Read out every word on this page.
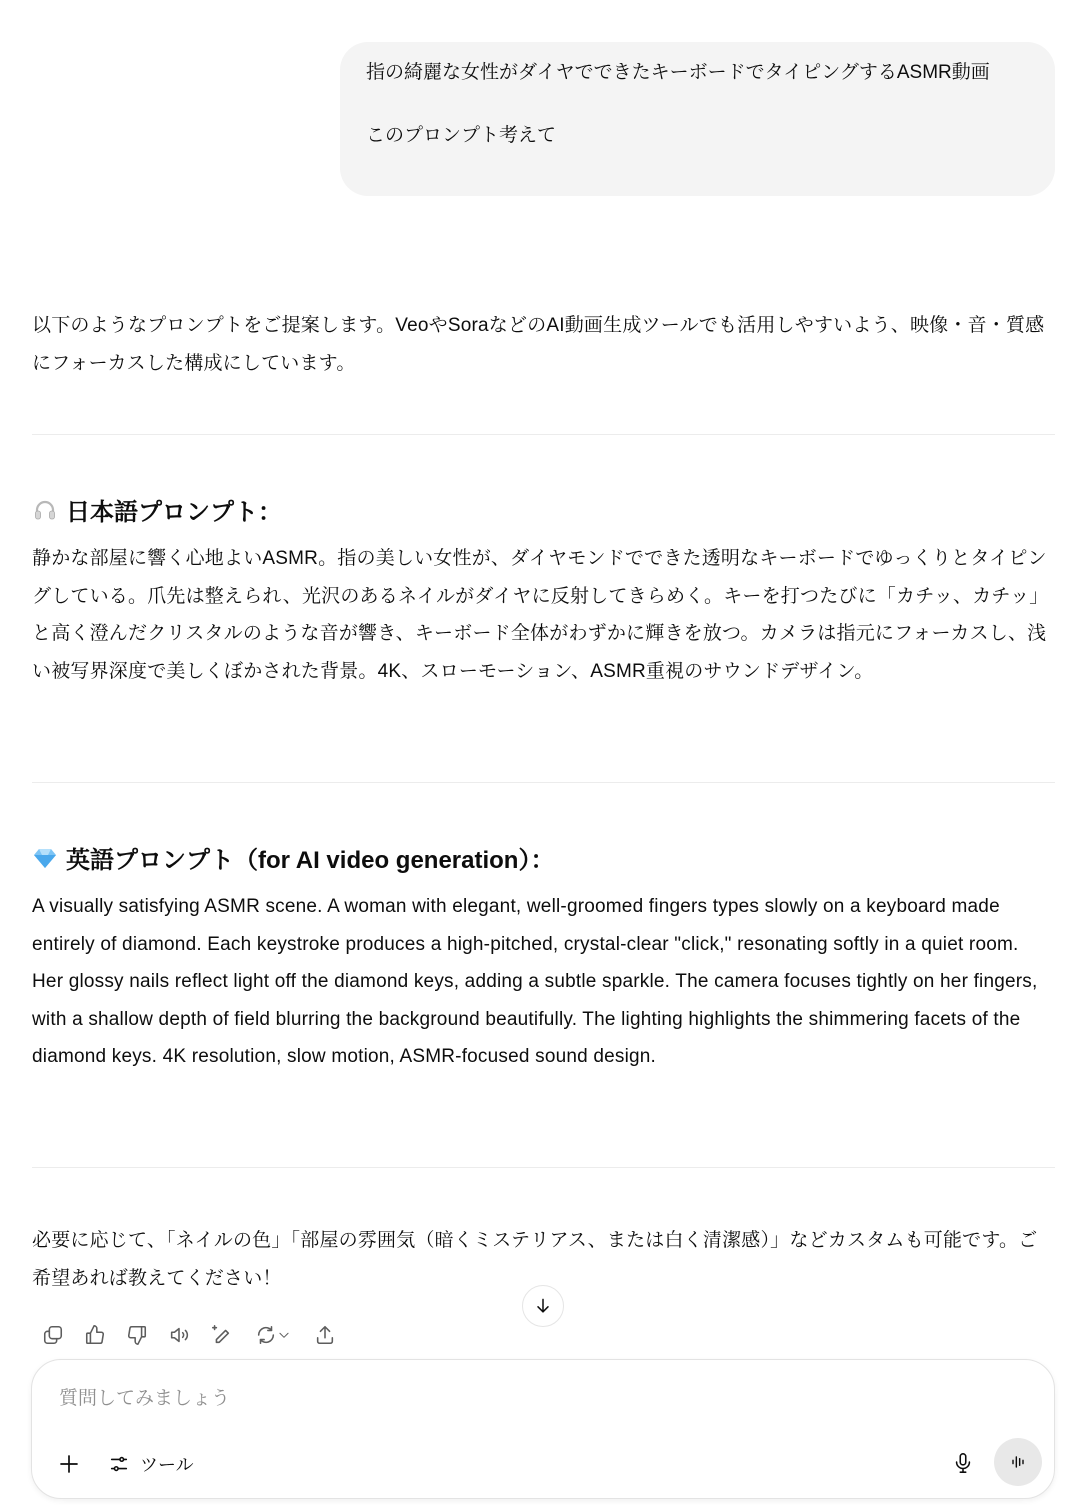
指の綺麗な女性がダイヤでできたキーボードでタイピングするASMR動画

このプロンプト考えて

以下のようなプロンプトをご提案します。VeoやSoraなどのAI動画生成ツールでも活用しやすいよう、映像・音・質感にフォーカスした構成にしています。

日本語プロンプト：

静かな部屋に響く心地よいASMR。指の美しい女性が、ダイヤモンドでできた透明なキーボードでゆっくりとタイピングしている。爪先は整えられ、光沢のあるネイルがダイヤに反射してきらめく。キーを打つたびに「カチッ、カチッ」と高く澄んだクリスタルのような音が響き、キーボード全体がわずかに輝きを放つ。カメラは指元にフォーカスし、浅い被写界深度で美しくぼかされた背景。4K、スローモーション、ASMR重視のサウンドデザイン。

英語プロンプト（for AI video generation）：

A visually satisfying ASMR scene. A woman with elegant, well-groomed fingers types slowly on a keyboard made entirely of diamond. Each keystroke produces a high-pitched, crystal-clear "click," resonating softly in a quiet room. Her glossy nails reflect light off the diamond keys, adding a subtle sparkle. The camera focuses tightly on her fingers, with a shallow depth of field blurring the background beautifully. The lighting highlights the shimmering facets of the diamond keys. 4K resolution, slow motion, ASMR-focused sound design.

必要に応じて、「ネイルの色」「部屋の雰囲気（暗くミステリアス、または白く清潔感）」などカスタムも可能です。ご希望あれば教えてください！

質問してみましょう
ツール
